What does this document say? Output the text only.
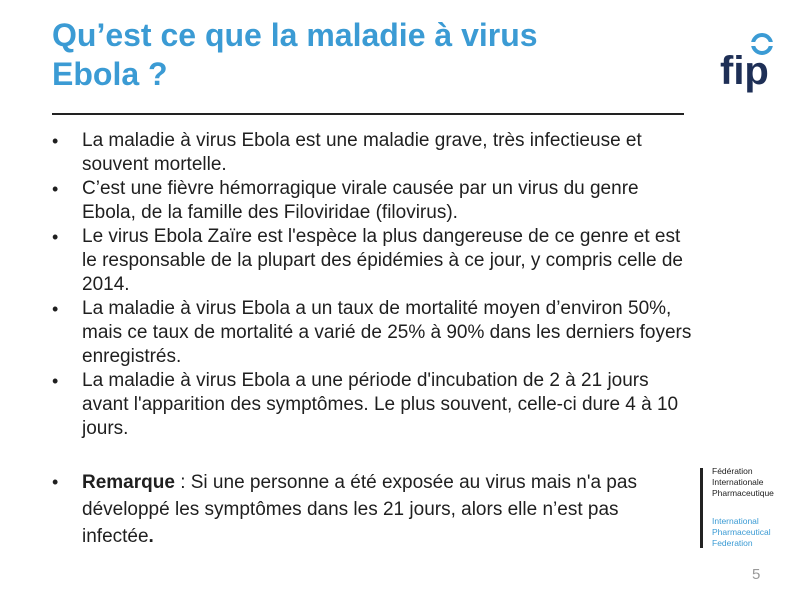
Qu’est ce que la maladie à virus
Ebola ?	fip
• La maladie à virus Ebola est une maladie grave, très infectieuse et souvent mortelle.
• C’est une fièvre hémorragique virale causée par un virus du genre Ebola, de la famille des Filoviridae (filovirus).
• Le virus Ebola Zaïre est l'espèce la plus dangereuse de ce genre et est le responsable de la plupart des épidémies à ce jour, y compris celle de 2014.
• La maladie à virus Ebola a un taux de mortalité moyen d’environ 50%, mais ce taux de mortalité a varié de 25% à 90% dans les derniers foyers enregistrés.
• La maladie à virus Ebola a une période d'incubation de 2 à 21 jours avant l'apparition des symptômes. Le plus souvent, celle-ci dure 4 à 10 jours.

• Remarque : Si une personne a été exposée au virus mais n'a pas développé les symptômes dans les 21 jours, alors elle n’est pas infectée.

Fédération
Internationale
Pharmaceutique
International
Pharmaceutical
Federation
5
